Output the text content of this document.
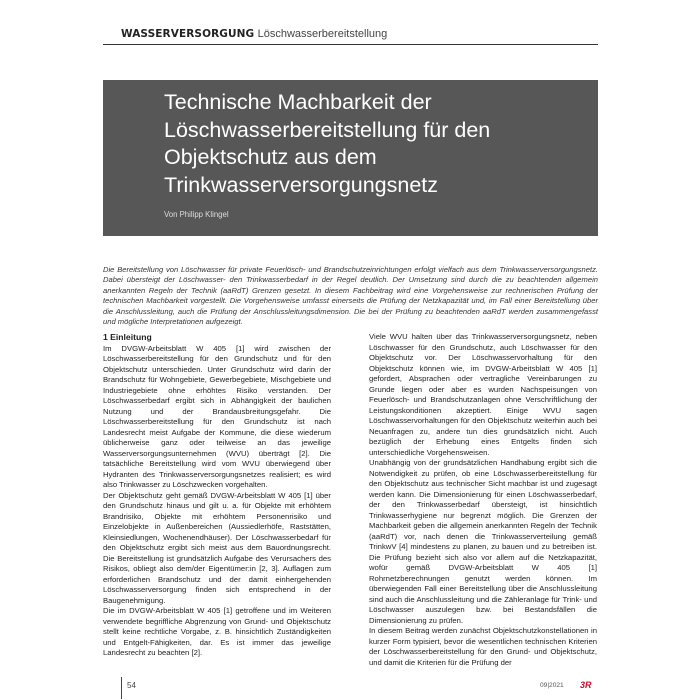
WASSERVERSORGUNG Löschwasserbereitstellung
Technische Machbarkeit der Löschwasserbereitstellung für den Objektschutz aus dem Trinkwasserversorgungsnetz
Von Philipp Klingel
Die Bereitstellung von Löschwasser für private Feuerlösch- und Brandschutzeinrichtungen erfolgt vielfach aus dem Trinkwasserversorgungsnetz. Dabei übersteigt der Löschwasser- den Trinkwasserbedarf in der Regel deutlich. Der Umsetzung sind durch die zu beachtenden allgemein anerkannten Regeln der Technik (aaRdT) Grenzen gesetzt. In diesem Fachbeitrag wird eine Vorgehensweise zur rechnerischen Prüfung der technischen Machbarkeit vorgestellt. Die Vorgehensweise umfasst einerseits die Prüfung der Netzkapazität und, im Fall einer Bereitstellung über die Anschlussleitung, auch die Prüfung der Anschlussleitungsdimension. Die bei der Prüfung zu beachtenden aaRdT werden zusammengefasst und mögliche Interpretationen aufgezeigt.
1 Einleitung

Im DVGW-Arbeitsblatt W 405 [1] wird zwischen der Löschwasserbereitstellung für den Grundschutz und für den Objektschutz unterschieden. Unter Grundschutz wird darin der Brandschutz für Wohngebiete, Gewerbegebiete, Mischgebiete und Industriegebiete ohne erhöhtes Risiko verstanden. Der Löschwasserbedarf ergibt sich in Abhängigkeit der baulichen Nutzung und der Brandausbreitungsgefahr. Die Löschwasserbereitstellung für den Grundschutz ist nach Landesrecht meist Aufgabe der Kommune, die diese wiederum üblicherweise ganz oder teilweise an das jeweilige Wasserversorgungsunternehmen (WVU) überträgt [2]. Die tatsächliche Bereitstellung wird vom WVU überwiegend über Hydranten des Trinkwasserversorgungsnetzes realisiert; es wird also Trinkwasser zu Löschzwecken vorgehalten.

Der Objektschutz geht gemäß DVGW-Arbeitsblatt W 405 [1] über den Grundschutz hinaus und gilt u. a. für Objekte mit erhöhtem Brandrisiko, Objekte mit erhöhtem Personenrisiko und Einzelobjekte in Außenbereichen (Aussiedlerhöfe, Raststätten, Kleinsiedlungen, Wochenendhäuser). Der Löschwasserbedarf für den Objektschutz ergibt sich meist aus dem Bauordnungsrecht. Die Bereitstellung ist grundsätzlich Aufgabe des Verursachers des Risikos, obliegt also dem/der Eigentümer:in [2, 3]. Auflagen zum erforderlichen Brandschutz und der damit einhergehenden Löschwasserversorgung finden sich entsprechend in der Baugenehmigung.

Die im DVGW-Arbeitsblatt W 405 [1] getroffene und im Weiteren verwendete begriffliche Abgrenzung von Grund- und Objektschutz stellt keine rechtliche Vorgabe, z. B. hinsichtlich Zuständigkeiten und Entgelt-Fähigkeiten, dar. Es ist immer das jeweilige Landesrecht zu beachten [2].

Viele WVU halten über das Trinkwasserversorgungsnetz, neben Löschwasser für den Grundschutz, auch Löschwasser für den Objektschutz vor. Der Löschwasservorhaltung für den Objektschutz können wie, im DVGW-Arbeitsblatt W 405 [1] gefordert, Absprachen oder vertragliche Vereinbarungen zu Grunde liegen oder aber es wurden Nachspeisungen von Feuerlösch- und Brandschutzanlagen ohne Verschriftlichung der Leistungskonditionen akzeptiert. Einige WVU sagen Löschwasservorhaltungen für den Objektschutz weiterhin auch bei Neuanfragen zu, andere tun dies grundsätzlich nicht. Auch bezüglich der Erhebung eines Entgelts finden sich unterschiedliche Vorgehensweisen.

Unabhängig von der grundsätzlichen Handhabung ergibt sich die Notwendigkeit zu prüfen, ob eine Löschwasserbereitstellung für den Objektschutz aus technischer Sicht machbar ist und zugesagt werden kann. Die Dimensionierung für einen Löschwasserbedarf, der den Trinkwasserbedarf übersteigt, ist hinsichtlich Trinkwasserhygiene nur begrenzt möglich. Die Grenzen der Machbarkeit geben die allgemein anerkannten Regeln der Technik (aaRdT) vor, nach denen die Trinkwasserverteilung gemäß TrinkwV [4] mindestens zu planen, zu bauen und zu betreiben ist. Die Prüfung bezieht sich also vor allem auf die Netzkapazität, wofür gemäß DVGW-Arbeitsblatt W 405 [1] Rohrnetzberechnungen genutzt werden können. Im überwiegenden Fall einer Bereitstellung über die Anschlussleitung sind auch die Anschlussleitung und die Zähleranlage für Trink- und Löschwasser auszulegen bzw. bei Bestandsfällen die Dimensionierung zu prüfen.

In diesem Beitrag werden zunächst Objektschutzkonstellationen in kurzer Form typisiert, bevor die wesentlichen technischen Kriterien der Löschwasserbereitstellung für den Grund- und Objektschutz, und damit die Kriterien für die Prüfung der

54	09|2021 3R
